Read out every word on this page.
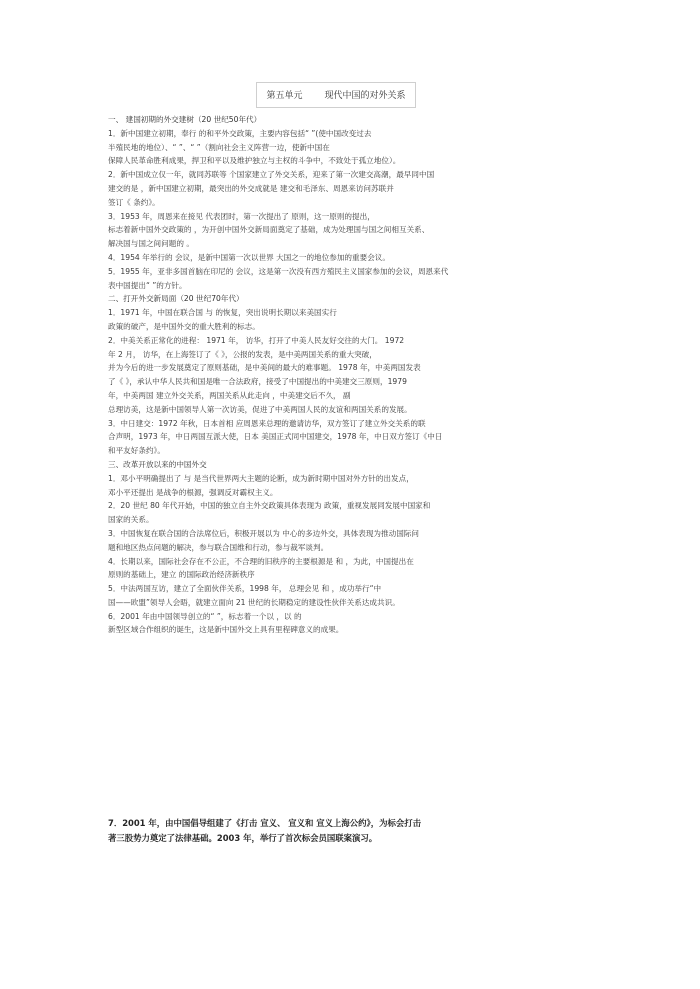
第五单元 现代中国的对外关系
一、 建国初期的外交建树（20 世纪50年代）
1．新中国建立初期，奉行 的和平外交政策，主要内容包括“ ”(使中国改变过去
半殖民地的地位）、“ ”、“ ”（割向社会主义阵营一边，使新中国在
保障人民革命胜利成果，捍卫和平以及维护独立与主权的斗争中，不致处于孤立地位）。
2．新中国成立仅一年，就同苏联等 个国家建立了外交关系，迎来了第一次建交高潮，最早同中国
建交的是 ，新中国建立初期，最突出的外交成就是 建交和毛泽东、周恩来访问苏联并
签订《 条约》。
3．1953 年，周恩来在接见 代表团时，第一次提出了 原则，这一原则的提出，
标志着新中国外交政策的 ，为开创中国外交新局面奠定了基础，成为处理国与国之间相互关系、
解决国与国之间问题的 。
4．1954 年举行的 会议，是新中国第一次以世界 大国之一的地位参加的重要会议。
5．1955 年，亚非多国首脑在印尼的 会议，这是第一次没有西方殖民主义国家参加的会议，周恩来代
表中国提出“ ”的方针。
二、打开外交新局面（20 世纪70年代）
1．1971 年，中国在联合国 与 的恢复，突出说明长期以来美国实行
政策的破产，是中国外交的重大胜利的标志。
2．中美关系正常化的进程： 1971 年， 访华，打开了中美人民友好交往的大门。 1972
年 2 月， 访华，在上海签订了《 》，公报的发表，是中美两国关系的重大突破，
并为今后的进一步发展奠定了原则基础，是中美间的最大的难事题。 1978 年，中美两国发表
了《 》，承认中华人民共和国是唯一合法政府，接受了中国提出的中美建交三原则，1979
年，中美两国 建立外交关系，两国关系从此走向 ，中美建交后不久， 副
总理访美，这是新中国领导人第一次访美，促进了中美两国人民的友谊和两国关系的发展。
3．中日建交：1972 年秋，日本首相 应周恩来总理的邀请访华，双方签订了建立外交关系的联
合声明，1973 年，中日两国互派大使，日本 美国正式同中国建交，1978 年，中日双方签订《中日
和平友好条约》。
三、改革开放以来的中国外交
1．邓小平明确提出了 与 是当代世界两大主题的论断，成为新时期中国对外方针的出发点，
邓小平还提出 是战争的根源，强调反对霸权主义。
2．20 世纪 80 年代开始，中国的独立自主外交政策具体表现为 政策，重视发展同发展中国家和
国家的关系。
3．中国恢复在联合国的合法席位后，积极开展以为 中心的多边外交，具体表现为推动国际问
题和地区热点问题的解决，参与联合国维和行动，参与裁军谈判。
4．长期以来，国际社会存在不公正，不合理的旧秩序的主要根源是 和 ，为此，中国提出在
原则的基础上，建立 的国际政治经济新秩序
5．中法两国互访，建立了全面伙伴关系，1998 年， 总理会见 和 ，成功举行“中
国——欧盟”领导人会晤，就建立面向 21 世纪的长期稳定的建设性伙伴关系达成共识。
6．2001 年由中国领导创立的“ ”，标志着一个以 ，以 的
新型区域合作组织的诞生，这是新中国外交上具有里程碑意义的成果。
7．2001 年，由中国倡导组建了《打击 宣义、 宣义和 宣义上海公约》，为标会打击
著三股势力奠定了法律基础。2003 年，举行了首次标会员国联案演习。
